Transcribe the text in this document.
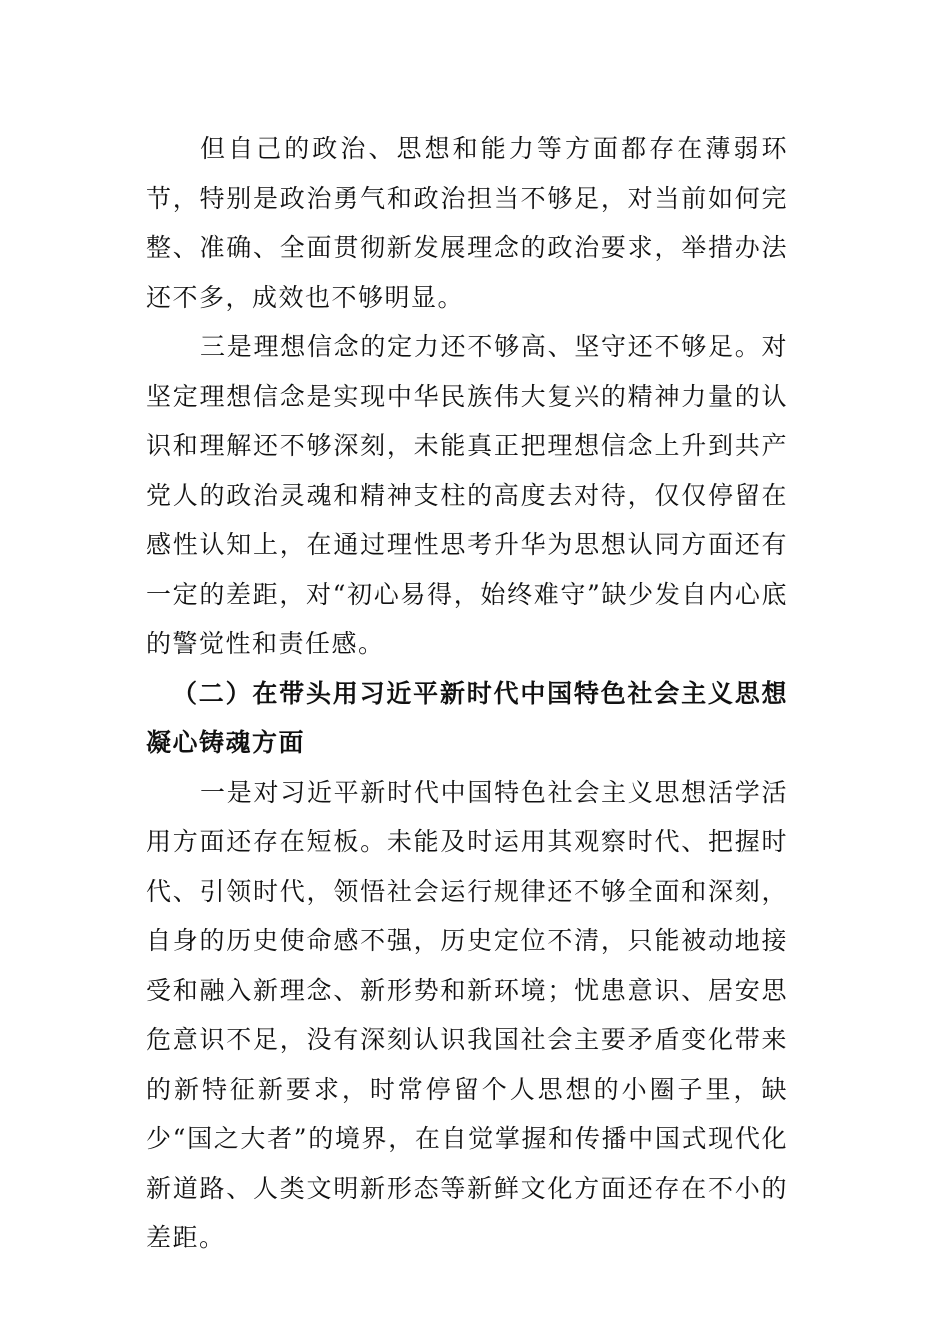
但自己的政治、思想和能力等方面都存在薄弱环节，特别是政治勇气和政治担当不够足，对当前如何完整、准确、全面贯彻新发展理念的政治要求，举措办法还不多，成效也不够明显。

三是理想信念的定力还不够高、坚守还不够足。对坚定理想信念是实现中华民族伟大复兴的精神力量的认识和理解还不够深刻，未能真正把理想信念上升到共产党人的政治灵魂和精神支柱的高度去对待，仅仅停留在感性认知上，在通过理性思考升华为思想认同方面还有一定的差距，对“初心易得，始终难守”缺少发自内心底的警觉性和责任感。

（二）在带头用习近平新时代中国特色社会主义思想凝心铸魂方面

一是对习近平新时代中国特色社会主义思想活学活用方面还存在短板。未能及时运用其观察时代、把握时代、引领时代，领悟社会运行规律还不够全面和深刻，自身的历史使命感不强，历史定位不清，只能被动地接受和融入新理念、新形势和新环境；忧患意识、居安思危意识不足，没有深刻认识我国社会主要矛盾变化带来的新特征新要求，时常停留个人思想的小圈子里，缺少“国之大者”的境界，在自觉掌握和传播中国式现代化新道路、人类文明新形态等新鲜文化方面还存在不小的差距。
